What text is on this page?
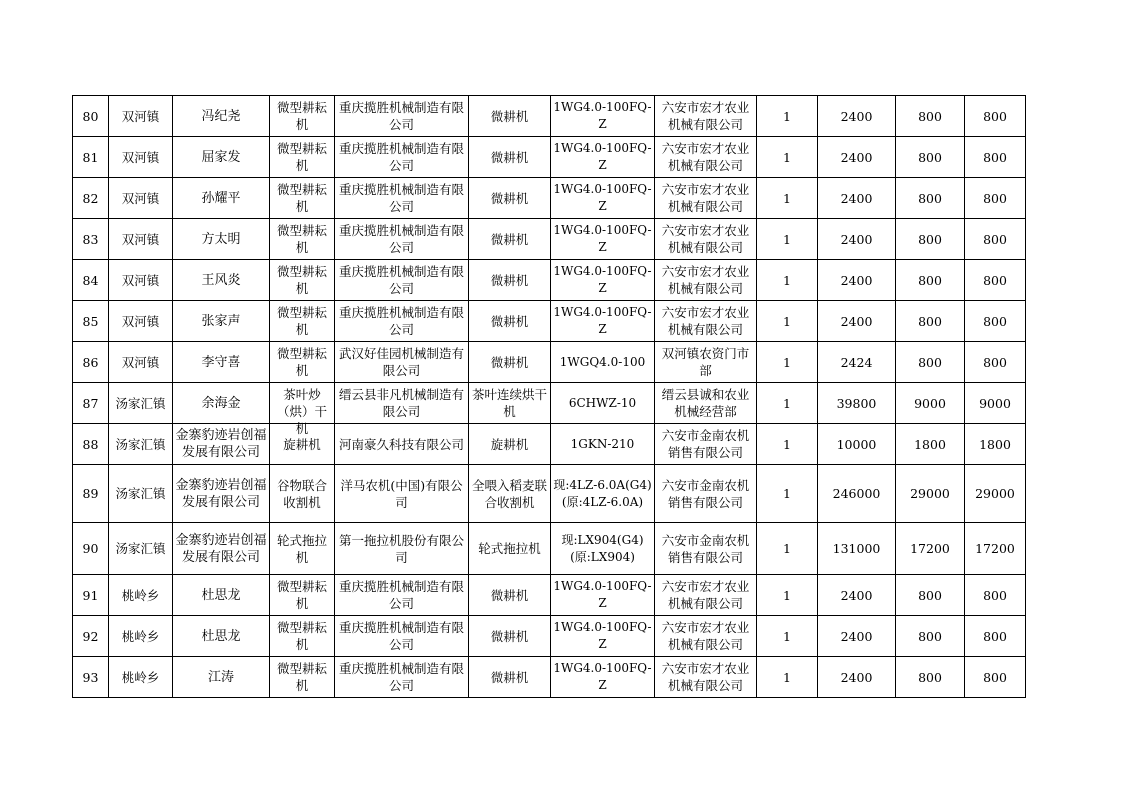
80	双河镇	冯纪尧	微型耕耘机	重庆揽胜机械制造有限公司	微耕机	1WG4.0-100FQ-Z	六安市宏才农业机械有限公司	1	2400	800	800
81	双河镇	屈家发	微型耕耘机	重庆揽胜机械制造有限公司	微耕机	1WG4.0-100FQ-Z	六安市宏才农业机械有限公司	1	2400	800	800
82	双河镇	孙耀平	微型耕耘机	重庆揽胜机械制造有限公司	微耕机	1WG4.0-100FQ-Z	六安市宏才农业机械有限公司	1	2400	800	800
83	双河镇	方太明	微型耕耘机	重庆揽胜机械制造有限公司	微耕机	1WG4.0-100FQ-Z	六安市宏才农业机械有限公司	1	2400	800	800
84	双河镇	王风炎	微型耕耘机	重庆揽胜机械制造有限公司	微耕机	1WG4.0-100FQ-Z	六安市宏才农业机械有限公司	1	2400	800	800
85	双河镇	张家声	微型耕耘机	重庆揽胜机械制造有限公司	微耕机	1WG4.0-100FQ-Z	六安市宏才农业机械有限公司	1	2400	800	800
86	双河镇	李守喜	微型耕耘机	武汉好佳园机械制造有限公司	微耕机	1WGQ4.0-100	双河镇农资门市部	1	2424	800	800
87	汤家汇镇	余海金	茶叶炒（烘）干机	缙云县非凡机械制造有限公司	茶叶连续烘干机	6CHWZ-10	缙云县诚和农业机械经营部	1	39800	9000	9000
88	汤家汇镇	金寨豹迹岩创福发展有限公司	旋耕机	河南豪久科技有限公司	旋耕机	1GKN-210	六安市金南农机销售有限公司	1	10000	1800	1800
89	汤家汇镇	金寨豹迹岩创福发展有限公司	谷物联合收割机	洋马农机(中国)有限公司	全喂入稻麦联合收割机	现:4LZ-6.0A(G4)(原:4LZ-6.0A)	六安市金南农机销售有限公司	1	246000	29000	29000
90	汤家汇镇	金寨豹迹岩创福发展有限公司	轮式拖拉机	第一拖拉机股份有限公司	轮式拖拉机	现:LX904(G4)(原:LX904)	六安市金南农机销售有限公司	1	131000	17200	17200
91	桃岭乡	杜思龙	微型耕耘机	重庆揽胜机械制造有限公司	微耕机	1WG4.0-100FQ-Z	六安市宏才农业机械有限公司	1	2400	800	800
92	桃岭乡	杜思龙	微型耕耘机	重庆揽胜机械制造有限公司	微耕机	1WG4.0-100FQ-Z	六安市宏才农业机械有限公司	1	2400	800	800
93	桃岭乡	江涛	微型耕耘机	重庆揽胜机械制造有限公司	微耕机	1WG4.0-100FQ-Z	六安市宏才农业机械有限公司	1	2400	800	800
